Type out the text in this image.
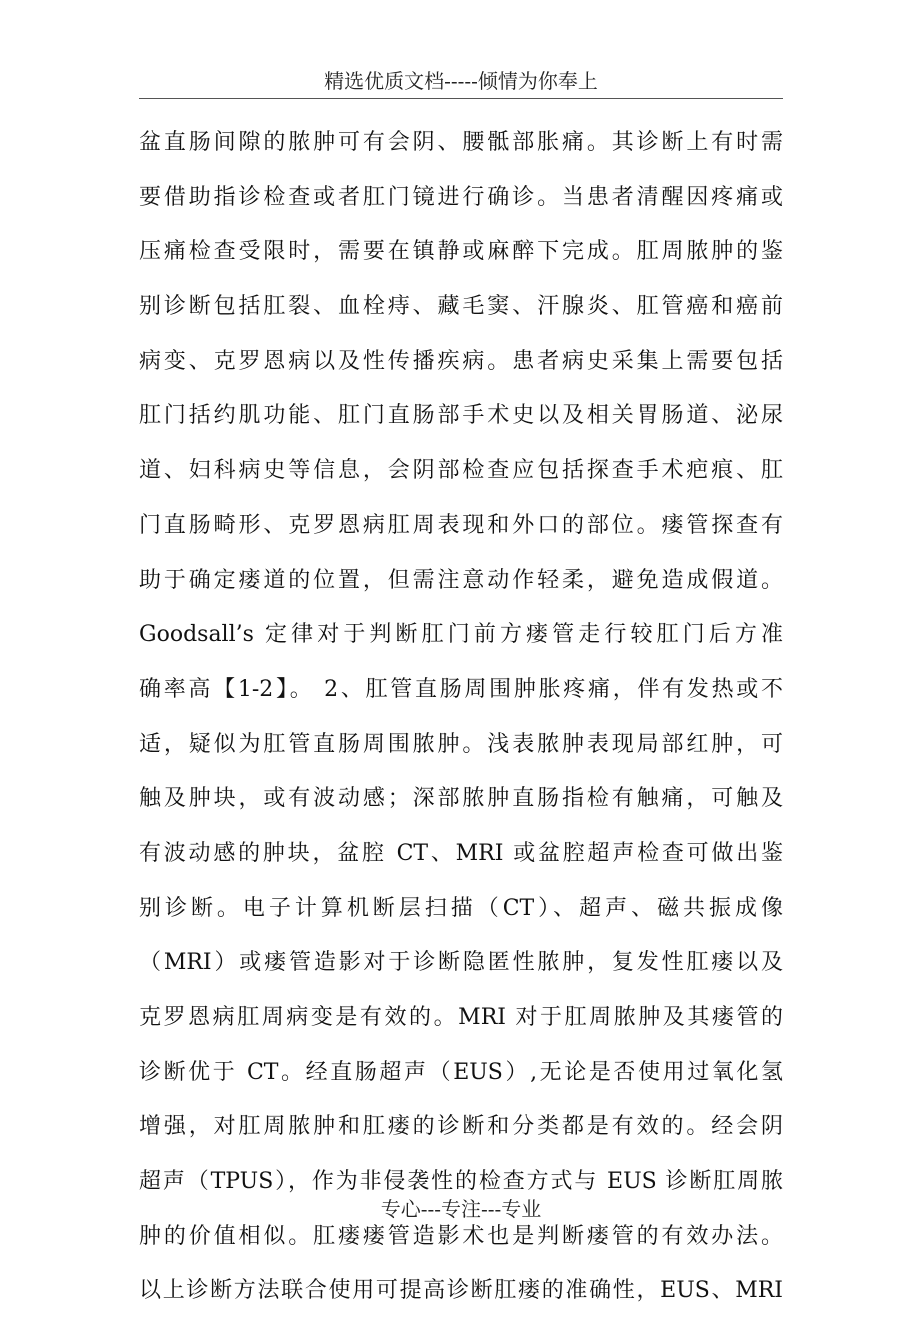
精选优质文档-----倾情为你奉上
盆直肠间隙的脓肿可有会阴、腰骶部胀痛。其诊断上有时需
要借助指诊检查或者肛门镜进行确诊。当患者清醒因疼痛或
压痛检查受限时，需要在镇静或麻醉下完成。肛周脓肿的鉴
别诊断包括肛裂、血栓痔、藏毛窦、汗腺炎、肛管癌和癌前
病变、克罗恩病以及性传播疾病。患者病史采集上需要包括
肛门括约肌功能、肛门直肠部手术史以及相关胃肠道、泌尿
道、妇科病史等信息，会阴部检查应包括探查手术疤痕、肛
门直肠畸形、克罗恩病肛周表现和外口的部位。瘘管探查有
助于确定瘘道的位置，但需注意动作轻柔，避免造成假道。
Goodsall’s 定律对于判断肛门前方瘘管走行较肛门后方准
确率高【1-2】。 2、肛管直肠周围肿胀疼痛，伴有发热或不
适，疑似为肛管直肠周围脓肿。浅表脓肿表现局部红肿，可
触及肿块，或有波动感；深部脓肿直肠指检有触痛，可触及
有波动感的肿块，盆腔 CT、MRI 或盆腔超声检查可做出鉴
别诊断。电子计算机断层扫描（CT）、超声、磁共振成像
（MRI）或瘘管造影对于诊断隐匿性脓肿，复发性肛瘘以及
克罗恩病肛周病变是有效的。MRI 对于肛周脓肿及其瘘管的
诊断优于 CT。经直肠超声（EUS）,无论是否使用过氧化氢
增强，对肛周脓肿和肛瘘的诊断和分类都是有效的。经会阴
超声（TPUS），作为非侵袭性的检查方式与 EUS 诊断肛周脓
肿的价值相似。肛瘘瘘管造影术也是判断瘘管的有效办法。
以上诊断方法联合使用可提高诊断肛瘘的准确性，EUS、MRI
专心---专注---专业
